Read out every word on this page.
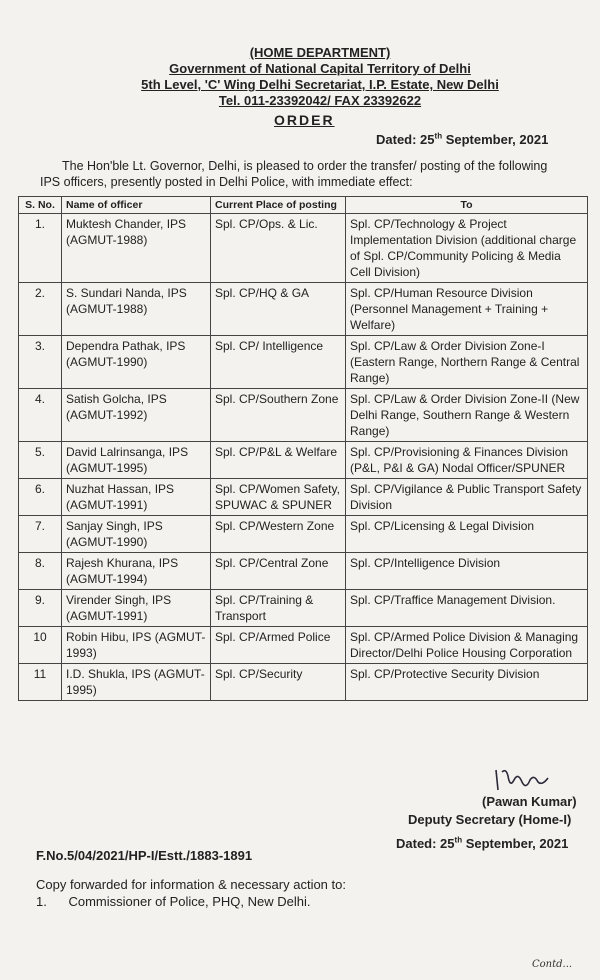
(HOME DEPARTMENT)
Government of National Capital Territory of Delhi
5th Level, 'C' Wing Delhi Secretariat, I.P. Estate, New Delhi
Tel. 011-23392042/ FAX 23392622
ORDER
Dated: 25th September, 2021
The Hon'ble Lt. Governor, Delhi, is pleased to order the transfer/ posting of the following IPS officers, presently posted in Delhi Police, with immediate effect:
S. No.	Name of officer	Current Place of posting	To
1.	Muktesh Chander, IPS (AGMUT-1988)	Spl. CP/Ops. & Lic.	Spl. CP/Technology & Project Implementation Division (additional charge of Spl. CP/Community Policing & Media Cell Division)
2.	S. Sundari Nanda, IPS (AGMUT-1988)	Spl. CP/HQ & GA	Spl. CP/Human Resource Division (Personnel Management + Training + Welfare)
3.	Dependra Pathak, IPS (AGMUT-1990)	Spl. CP/ Intelligence	Spl. CP/Law & Order Division Zone-I (Eastern Range, Northern Range & Central Range)
4.	Satish Golcha, IPS (AGMUT-1992)	Spl. CP/Southern Zone	Spl. CP/Law & Order Division Zone-II (New Delhi Range, Southern Range & Western Range)
5.	David Lalrinsanga, IPS (AGMUT-1995)	Spl. CP/P&L & Welfare	Spl. CP/Provisioning & Finances Division (P&L, P&I & GA) Nodal Officer/SPUNER
6.	Nuzhat Hassan, IPS (AGMUT-1991)	Spl. CP/Women Safety, SPUWAC & SPUNER	Spl. CP/Vigilance & Public Transport Safety Division
7.	Sanjay Singh, IPS (AGMUT-1990)	Spl. CP/Western Zone	Spl. CP/Licensing & Legal Division
8.	Rajesh Khurana, IPS (AGMUT-1994)	Spl. CP/Central Zone	Spl. CP/Intelligence Division
9.	Virender Singh, IPS (AGMUT-1991)	Spl. CP/Training & Transport	Spl. CP/Traffice Management Division.
10	Robin Hibu, IPS (AGMUT-1993)	Spl. CP/Armed Police	Spl. CP/Armed Police Division & Managing Director/Delhi Police Housing Corporation
11	I.D. Shukla, IPS (AGMUT-1995)	Spl. CP/Security	Spl. CP/Protective Security Division
(Pawan Kumar)
Deputy Secretary (Home-I)
Dated: 25th September, 2021
F.No.5/04/2021/HP-I/Estt./1883-1891
Copy forwarded for information & necessary action to:
1. Commissioner of Police, PHQ, New Delhi.
Contd...
